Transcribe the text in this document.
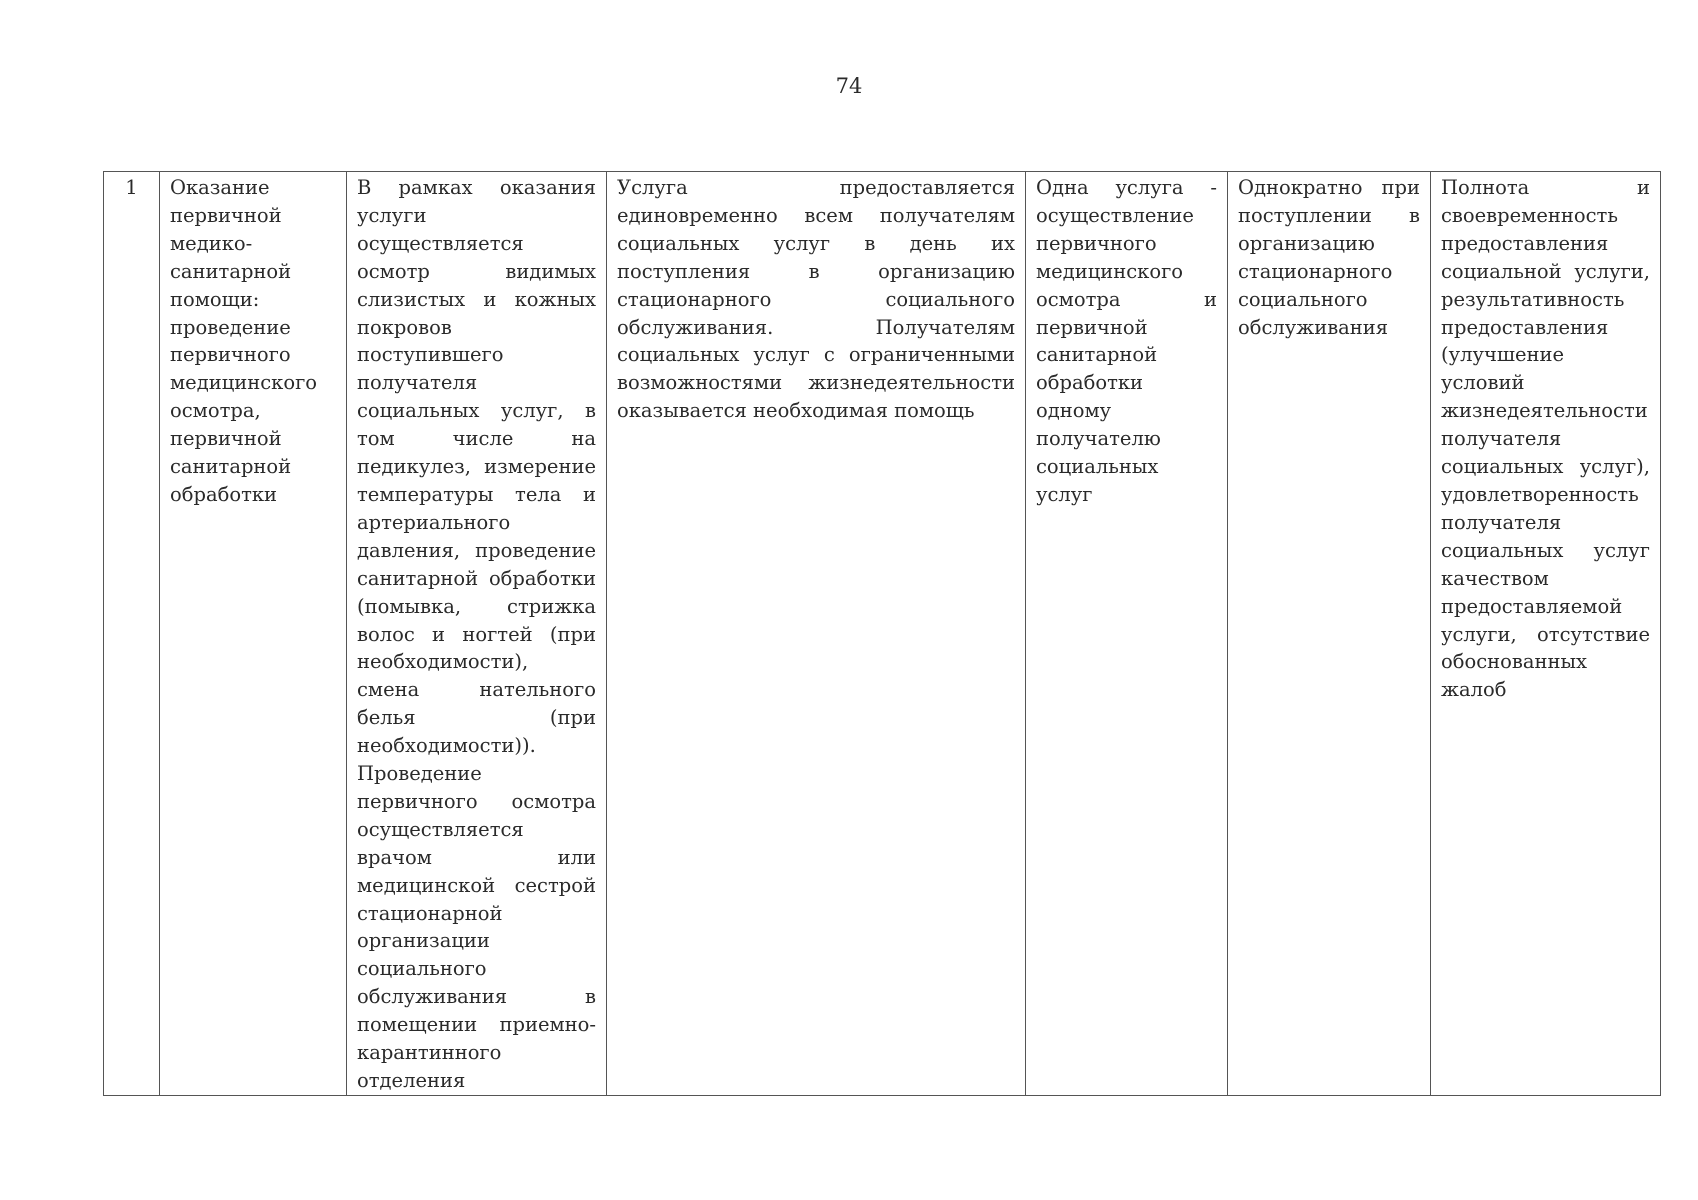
74
1	Оказание первичной медико-санитарной помощи: проведение первичного медицинского осмотра, первичной санитарной обработки	В рамках оказания услуги осуществляется осмотр видимых слизистых и кожных покровов поступившего получателя социальных услуг, в том числе на педикулез, измерение температуры тела и артериального давления, проведение санитарной обработки (помывка, стрижка волос и ногтей (при необходимости), смена нательного белья (при необходимости)). Проведение первичного осмотра осуществляется врачом или медицинской сестрой стационарной организации социального обслуживания в помещении приемно-карантинного отделения	Услуга предоставляется единовременно всем получателям социальных услуг в день их поступления в организацию стационарного социального обслуживания. Получателям социальных услуг с ограниченными возможностями жизнедеятельности оказывается необходимая помощь	Одна услуга - осуществление первичного медицинского осмотра и первичной санитарной обработки одному получателю социальных услуг	Однократно при поступлении в организацию стационарного социального обслуживания	Полнота и своевременность предоставления социальной услуги, результативность предоставления (улучшение условий жизнедеятельности получателя социальных услуг), удовлетворенность получателя социальных услуг качеством предоставляемой услуги, отсутствие обоснованных жалоб
